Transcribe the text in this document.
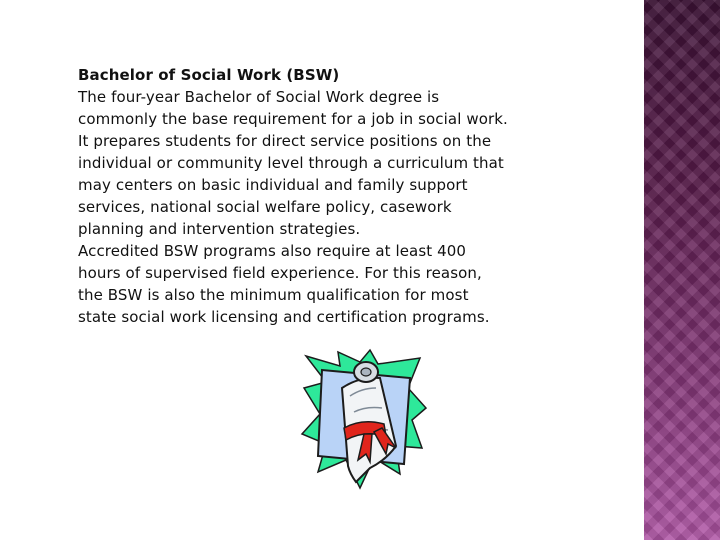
Bachelor of Social Work (BSW)

The four-year Bachelor of Social Work degree is
commonly the base requirement for a job in social work.
It prepares students for direct service positions on the
individual or community level through a curriculum that
may centers on basic individual and family support
services, national social welfare policy, casework
planning and intervention strategies.

Accredited BSW programs also require at least 400
hours of supervised field experience. For this reason,
the BSW is also the minimum qualification for most
state social work licensing and certification programs.
